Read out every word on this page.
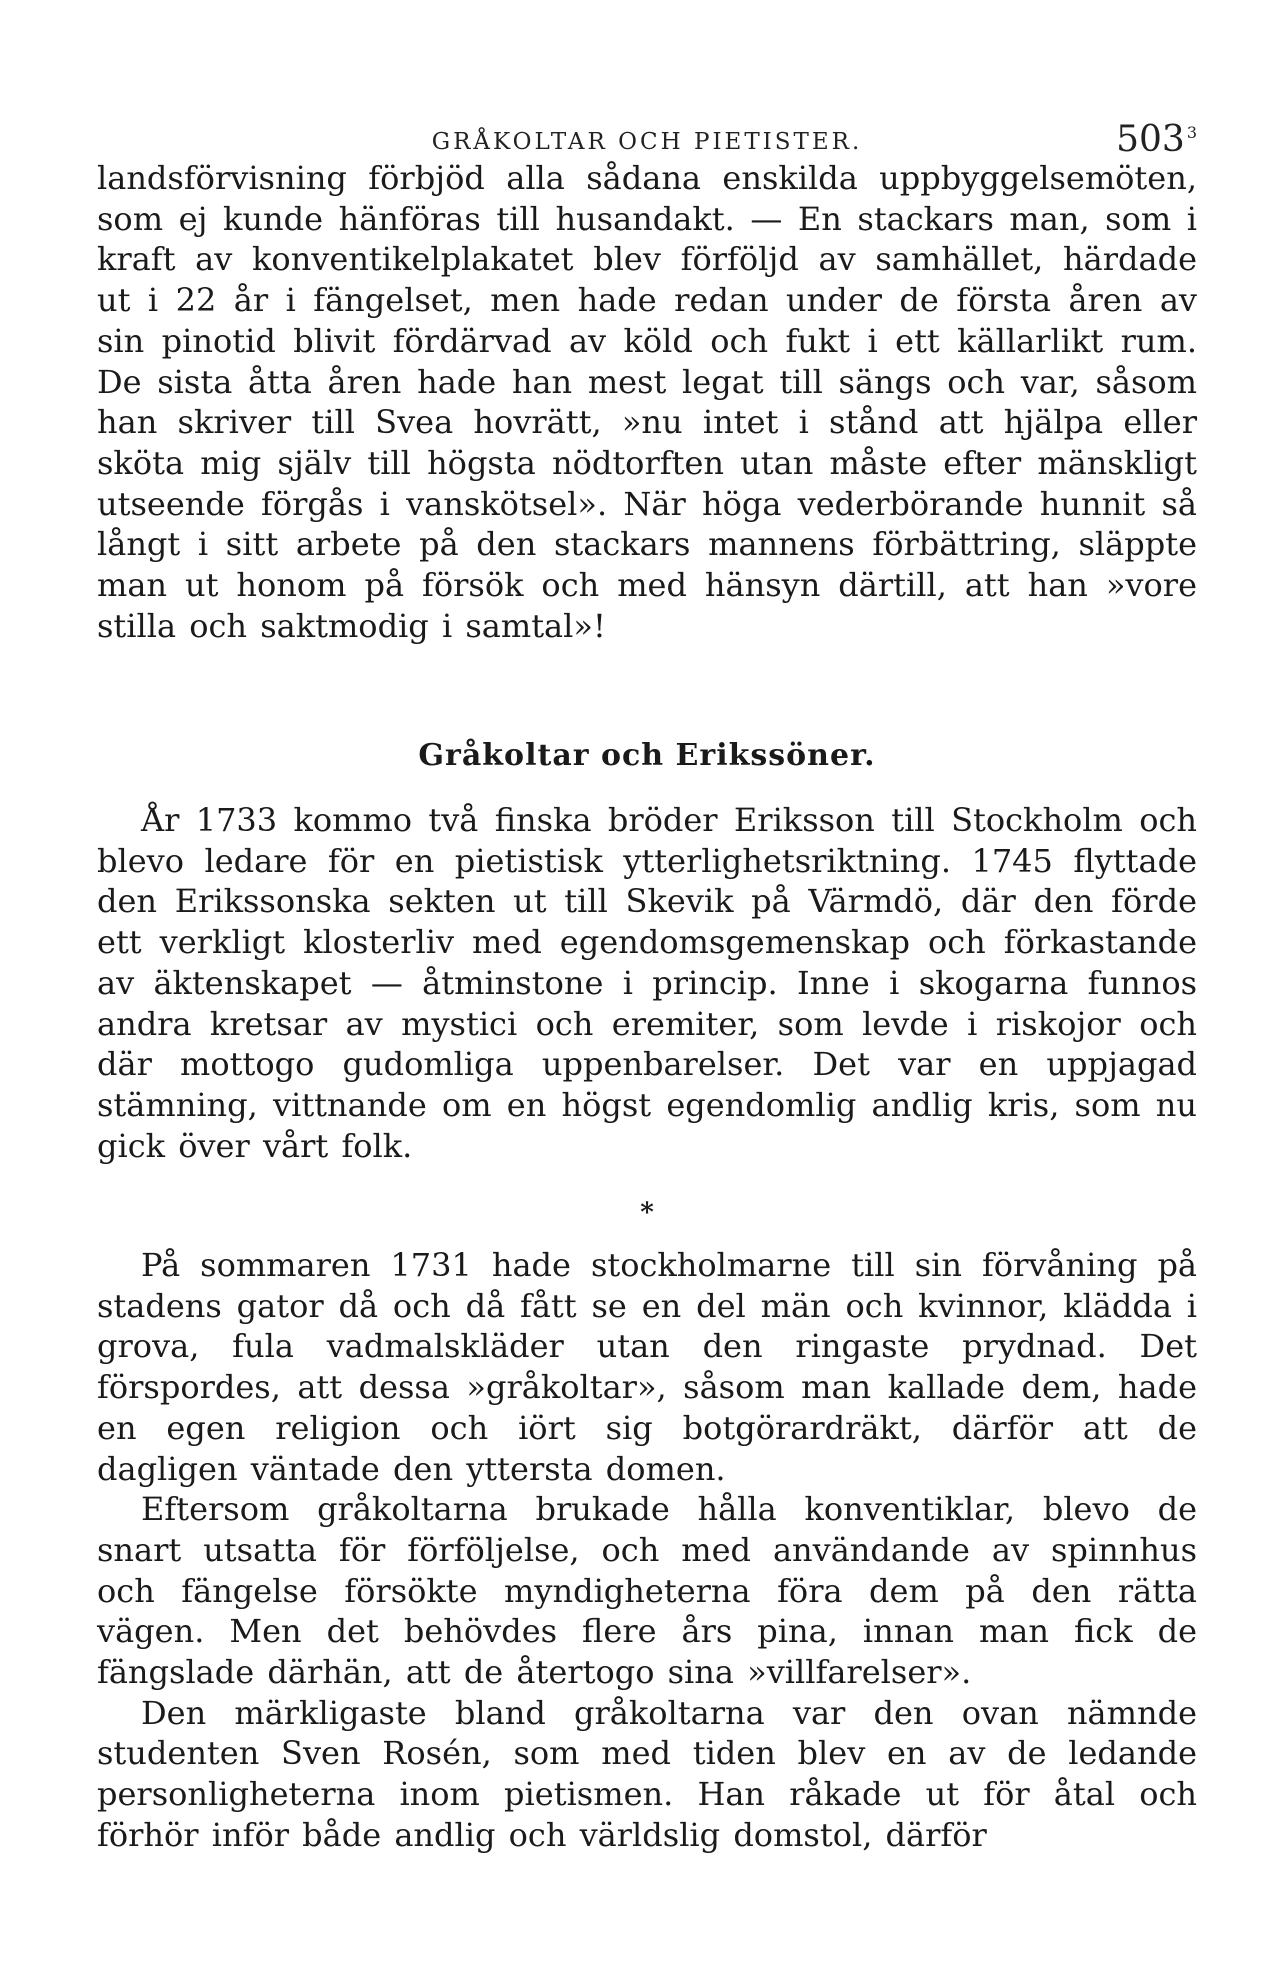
GRÅKOLTAR OCH PIETISTER.	503 $^3$

landsförvisning förbjöd alla sådana enskilda uppbyggelsemöten, som ej kunde hänföras till husandakt. — En stackars man, som i kraft av konventikelplakatet blev förföljd av samhället, härdade ut i 22 år i fängelset, men hade redan under de första åren av sin pinotid blivit fördärvad av köld och fukt i ett källarlikt rum. De sista åtta åren hade han mest legat till sängs och var, såsom han skriver till Svea hovrätt, »nu intet i stånd att hjälpa eller sköta mig själv till högsta nödtorften utan måste efter mänskligt utseende förgås i vanskötsel». När höga vederbörande hunnit så långt i sitt arbete på den stackars mannens förbättring, släppte man ut honom på försök och med hänsyn därtill, att han »vore stilla och saktmodig i samtal»!

Gråkoltar och Erikssöner.

År 1733 kommo två finska bröder Eriksson till Stockholm och blevo ledare för en pietistisk ytterlighetsriktning. 1745 flyttade den Erikssonska sekten ut till Skevik på Värmdö, där den förde ett verkligt klosterliv med egendomsgemenskap och förkastande av äktenskapet — åtminstone i princip. Inne i skogarna funnos andra kretsar av mystici och eremiter, som levde i riskojor och där mottogo gudomliga uppenbarelser. Det var en uppjagad stämning, vittnande om en högst egendomlig andlig kris, som nu gick över vårt folk.

*

På sommaren 1731 hade stockholmarne till sin förvåning på stadens gator då och då fått se en del män och kvinnor, klädda i grova, fula vadmalskläder utan den ringaste prydnad. Det förspordes, att dessa »gråkoltar», såsom man kallade dem, hade en egen religion och iört sig botgörardräkt, därför att de dagligen väntade den yttersta domen.

Eftersom gråkoltarna brukade hålla konventiklar, blevo de snart utsatta för förföljelse, och med användande av spinnhus och fängelse försökte myndigheterna föra dem på den rätta vägen. Men det behövdes flere års pina, innan man fick de fängslade därhän, att de återtogo sina »villfarelser».

Den märkligaste bland gråkoltarna var den ovan nämnde studenten Sven Rosén, som med tiden blev en av de ledande personligheterna inom pietismen. Han råkade ut för åtal och förhör inför både andlig och världslig domstol, därför
